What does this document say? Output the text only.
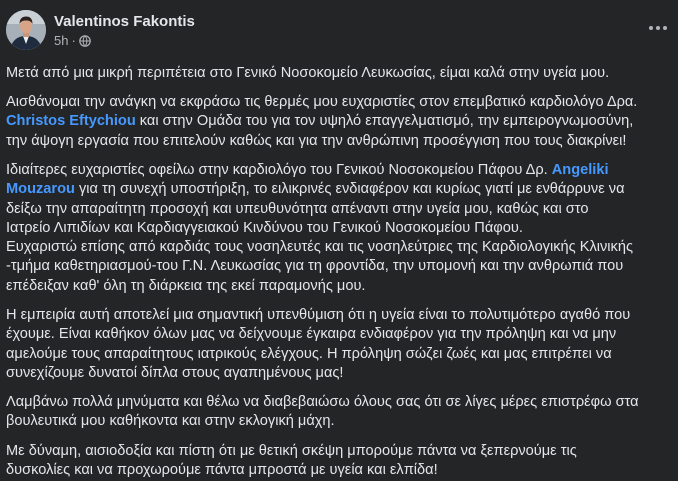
Valentinos Fakontis
5h ·

Μετά από μια μικρή περιπέτεια στο Γενικό Νοσοκομείο Λευκωσίας, είμαι καλά στην υγεία μου.

Αισθάνομαι την ανάγκη να εκφράσω τις θερμές μου ευχαριστίες στον επεμβατικό καρδιολόγο Δρα.
Christos Eftychiou και στην Ομάδα του για τον υψηλό επαγγελματισμό, την εμπειρογνωμοσύνη,
την άψογη εργασία που επιτελούν καθώς και για την ανθρώπινη προσέγγιση που τους διακρίνει!

Ιδιαίτερες ευχαριστίες οφείλω στην καρδιολόγο του Γενικού Νοσοκομείου Πάφου Δρ. Angeliki
Mouzarou για τη συνεχή υποστήριξη, το ειλικρινές ενδιαφέρον και κυρίως γιατί με ενθάρρυνε να
δείξω την απαραίτητη προσοχή και υπευθυνότητα απέναντι στην υγεία μου, καθώς και στο
Ιατρείο Λιπιδίων και Καρδιαγγειακού Κινδύνου του Γενικού Νοσοκομείου Πάφου.
Ευχαριστώ επίσης από καρδιάς τους νοσηλευτές και τις νοσηλεύτριες της Καρδιολογικής Κλινικής
-τμήμα καθετηριασμού-του Γ.Ν. Λευκωσίας για τη φροντίδα, την υπομονή και την ανθρωπιά που
επέδειξαν καθ' όλη τη διάρκεια της εκεί παραμονής μου.

Η εμπειρία αυτή αποτελεί μια σημαντική υπενθύμιση ότι η υγεία είναι το πολυτιμότερο αγαθό που
έχουμε. Είναι καθήκον όλων μας να δείχνουμε έγκαιρα ενδιαφέρον για την πρόληψη και να μην
αμελούμε τους απαραίτητους ιατρικούς ελέγχους. Η πρόληψη σώζει ζωές και μας επιτρέπει να
συνεχίζουμε δυνατοί δίπλα στους αγαπημένους μας!

Λαμβάνω πολλά μηνύματα και θέλω να διαβεβαιώσω όλους σας ότι σε λίγες μέρες επιστρέφω στα
βουλευτικά μου καθήκοντα και στην εκλογική μάχη.

Με δύναμη, αισιοδοξία και πίστη ότι με θετική σκέψη μπορούμε πάντα να ξεπερνούμε τις
δυσκολίες και να προχωρούμε πάντα μπροστά με υγεία και ελπίδα!
